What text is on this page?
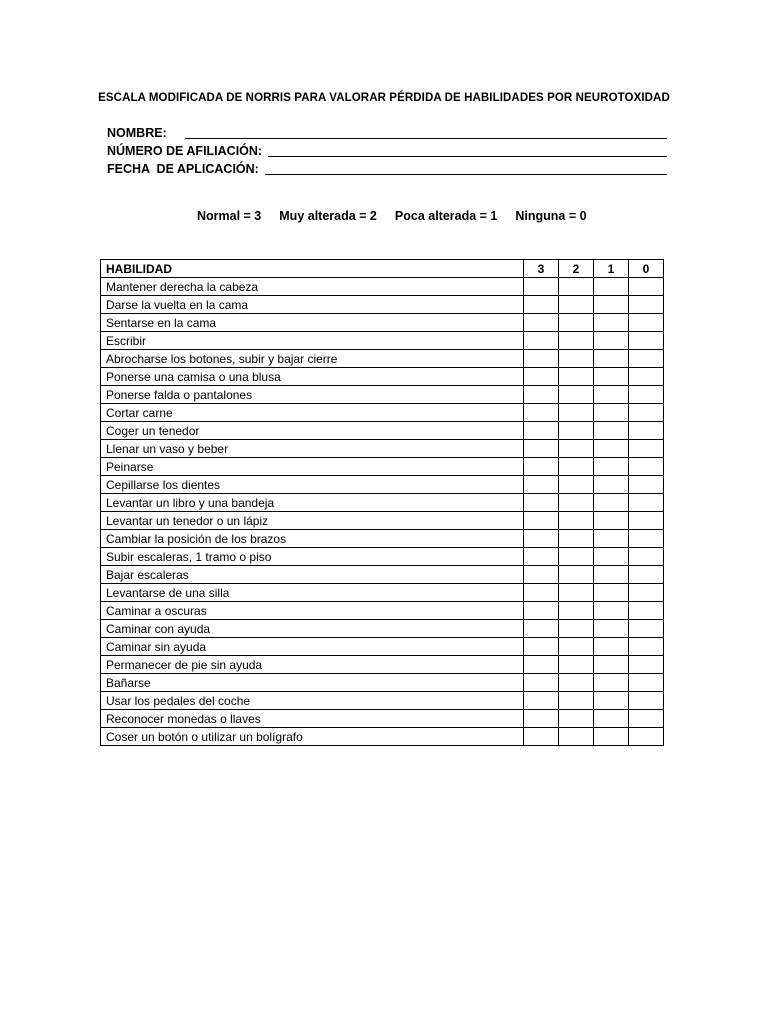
ESCALA MODIFICADA DE NORRIS PARA VALORAR PÉRDIDA DE HABILIDADES POR NEUROTOXIDAD
NOMBRE:
NÚMERO DE AFILIACIÓN:
FECHA  DE APLICACIÓN:
Normal = 3 Muy alterada = 2 Poca alterada = 1 Ninguna = 0
HABILIDAD	3	2	1	0
Mantener derecha la cabeza				
Darse la vuelta en la cama				
Sentarse en la cama				
Escribir				
Abrocharse los botones, subir y bajar cierre				
Ponerse una camisa o una blusa				
Ponerse falda o pantalones				
Cortar carne				
Coger un tenedor				
Llenar un vaso y beber				
Peinarse				
Cepillarse los dientes				
Levantar un libro y una bandeja				
Levantar un tenedor o un lápiz				
Cambiar la posición de los brazos				
Subir escaleras, 1 tramo o piso				
Bajar escaleras				
Levantarse de una silla				
Caminar a oscuras				
Caminar con ayuda				
Caminar sin ayuda				
Permanecer de pie sin ayuda				
Bañarse				
Usar los pedales del coche				
Reconocer monedas o llaves				
Coser un botón o utilizar un bolígrafo				
